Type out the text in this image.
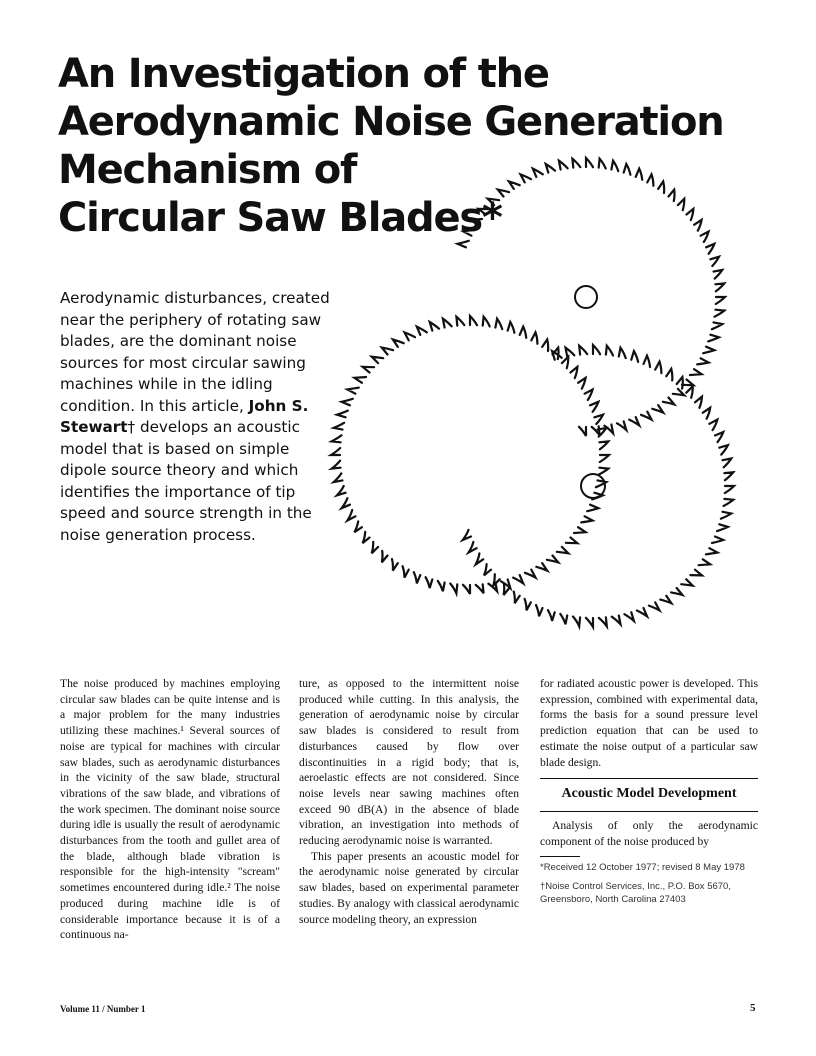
An Investigation of the
Aerodynamic Noise Generation
Mechanism of
Circular Saw Blades*

Aerodynamic disturbances, created near the periphery of rotating saw blades, are the dominant noise sources for most circular sawing machines while in the idling condition. In this article, John S. Stewart† develops an acoustic model that is based on simple dipole source theory and which identifies the importance of tip speed and source strength in the noise generation process.

The noise produced by machines employing circular saw blades can be quite intense and is a major problem for the many industries utilizing these machines.¹ Several sources of noise are typical for machines with circular saw blades, such as aerodynamic disturbances in the vicinity of the saw blade, structural vibrations of the saw blade, and vibrations of the work specimen. The dominant noise source during idle is usually the result of aerodynamic disturbances from the tooth and gullet area of the blade, although blade vibration is responsible for the high-intensity "scream" sometimes encountered during idle.² The noise produced during machine idle is of considerable importance because it is of a continuous na-

ture, as opposed to the intermittent noise produced while cutting. In this analysis, the generation of aerodynamic noise by circular saw blades is considered to result from disturbances caused by flow over discontinuities in a rigid body; that is, aeroelastic effects are not considered. Since noise levels near sawing machines often exceed 90 dB(A) in the absence of blade vibration, an investigation into methods of reducing aerodynamic noise is warranted.

This paper presents an acoustic model for the aerodynamic noise generated by circular saw blades, based on experimental parameter studies. By analogy with classical aerodynamic source modeling theory, an expression

for radiated acoustic power is developed. This expression, combined with experimental data, forms the basis for a sound pressure level prediction equation that can be used to estimate the noise output of a particular saw blade design.

Acoustic Model Development

Analysis of only the aerodynamic component of the noise produced by

*Received 12 October 1977; revised 8 May 1978

†Noise Control Services, Inc., P.O. Box 5670, Greensboro, North Carolina 27403

Volume 11 / Number 1	5
